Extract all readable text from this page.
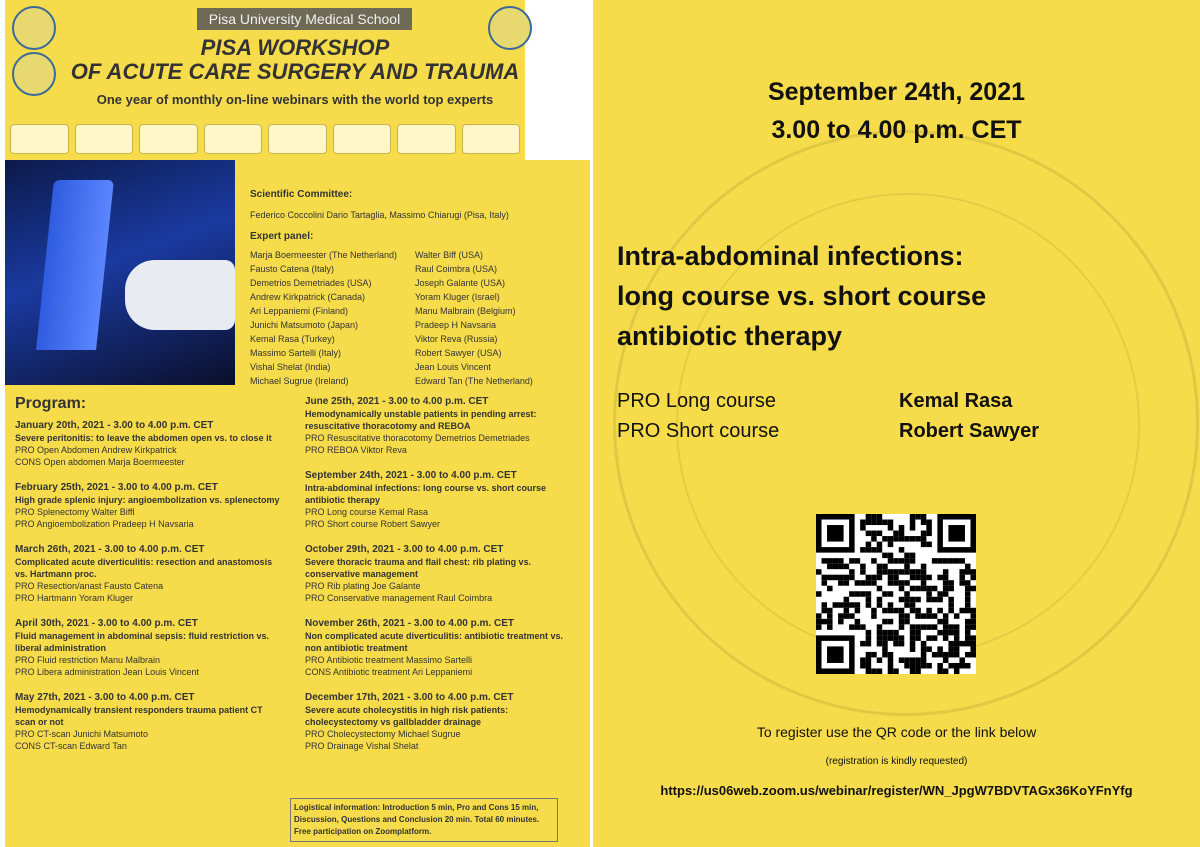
Pisa University Medical School
PISA WORKSHOP
OF ACUTE CARE SURGERY AND TRAUMA
One year of monthly on-line webinars with the world top experts
Scientific Committee:
Federico Coccolini Dario Tartaglia, Massimo Chiarugi (Pisa, Italy)
Expert panel:
Marja Boermeester (The Netherland)	Walter Biff (USA)
Fausto Catena (Italy)	Raul Coimbra (USA)
Demetrios Demetriades (USA)	Joseph Galante (USA)
Andrew Kirkpatrick (Canada)	Yoram Kluger (Israel)
Ari Leppaniemi (Finland)	Manu Malbrain (Belgium)
Junichi Matsumoto (Japan)	Pradeep H Navsaria
Kemal Rasa (Turkey)	Viktor Reva (Russia)
Massimo Sartelli (Italy)	Robert Sawyer (USA)
Vishal Shelat (India)	Jean Louis Vincent
Michael Sugrue (Ireland)	Edward Tan (The Netherland)
Program:
January 20th, 2021 - 3.00 to 4.00 p.m. CET
Severe peritonitis: to leave the abdomen open vs. to close it
PRO Open Abdomen Andrew Kirkpatrick
CONS Open abdomen Marja Boermeester
February 25th, 2021 - 3.00 to 4.00 p.m. CET
High grade splenic injury: angioembolization vs. splenectomy
PRO Splenectomy Walter Biffl
PRO Angioembolization Pradeep H Navsaria
March 26th, 2021 - 3.00 to 4.00 p.m. CET
Complicated acute diverticulitis: resection and anastomosis vs. Hartmann proc.
PRO Resection/anast Fausto Catena
PRO Hartmann Yoram Kluger
April 30th, 2021 - 3.00 to 4.00 p.m. CET
Fluid management in abdominal sepsis: fluid restriction vs. liberal administration
PRO Fluid restriction Manu Malbrain
PRO Libera administration Jean Louis Vincent
May 27th, 2021 - 3.00 to 4.00 p.m. CET
Hemodynamically transient responders trauma patient CT scan or not
PRO CT-scan Junichi Matsumoto
CONS CT-scan Edward Tan
June 25th, 2021 - 3.00 to 4.00 p.m. CET
Hemodynamically unstable patients in pending arrest: resuscitative thoracotomy and REBOA
PRO Resuscitative thoracotomy Demetrios Demetriades
PRO REBOA Viktor Reva
September 24th, 2021 - 3.00 to 4.00 p.m. CET
Intra-abdominal infections: long course vs. short course antibiotic therapy
PRO Long course Kemal Rasa
PRO Short course Robert Sawyer
October 29th, 2021 - 3.00 to 4.00 p.m. CET
Severe thoracic trauma and flail chest: rib plating vs. conservative management
PRO Rib plating Joe Galante
PRO Conservative management Raul Coimbra
November 26th, 2021 - 3.00 to 4.00 p.m. CET
Non complicated acute diverticulitis: antibiotic treatment vs. non antibiotic treatment
PRO Antibiotic treatment Massimo Sartelli
CONS Antibiotic treatment Ari Leppaniemi
December 17th, 2021 - 3.00 to 4.00 p.m. CET
Severe acute cholecystitis in high risk patients: cholecystectomy vs gallbladder drainage
PRO Cholecystectomy Michael Sugrue
PRO Drainage Vishal Shelat
Logistical information: Introduction 5 min, Pro and Cons 15 min, Discussion, Questions and Conclusion 20 min. Total 60 minutes. Free participation on Zoomplatform.
September 24th, 2021
3.00 to 4.00 p.m. CET
Intra-abdominal infections:
long course vs. short course
antibiotic therapy
PRO Long course	Kemal Rasa
PRO Short course	Robert Sawyer
To register use the QR code or the link below
(registration is kindly requested)
https://us06web.zoom.us/webinar/register/WN_JpgW7BDVTAGx36KoYFnYfg
